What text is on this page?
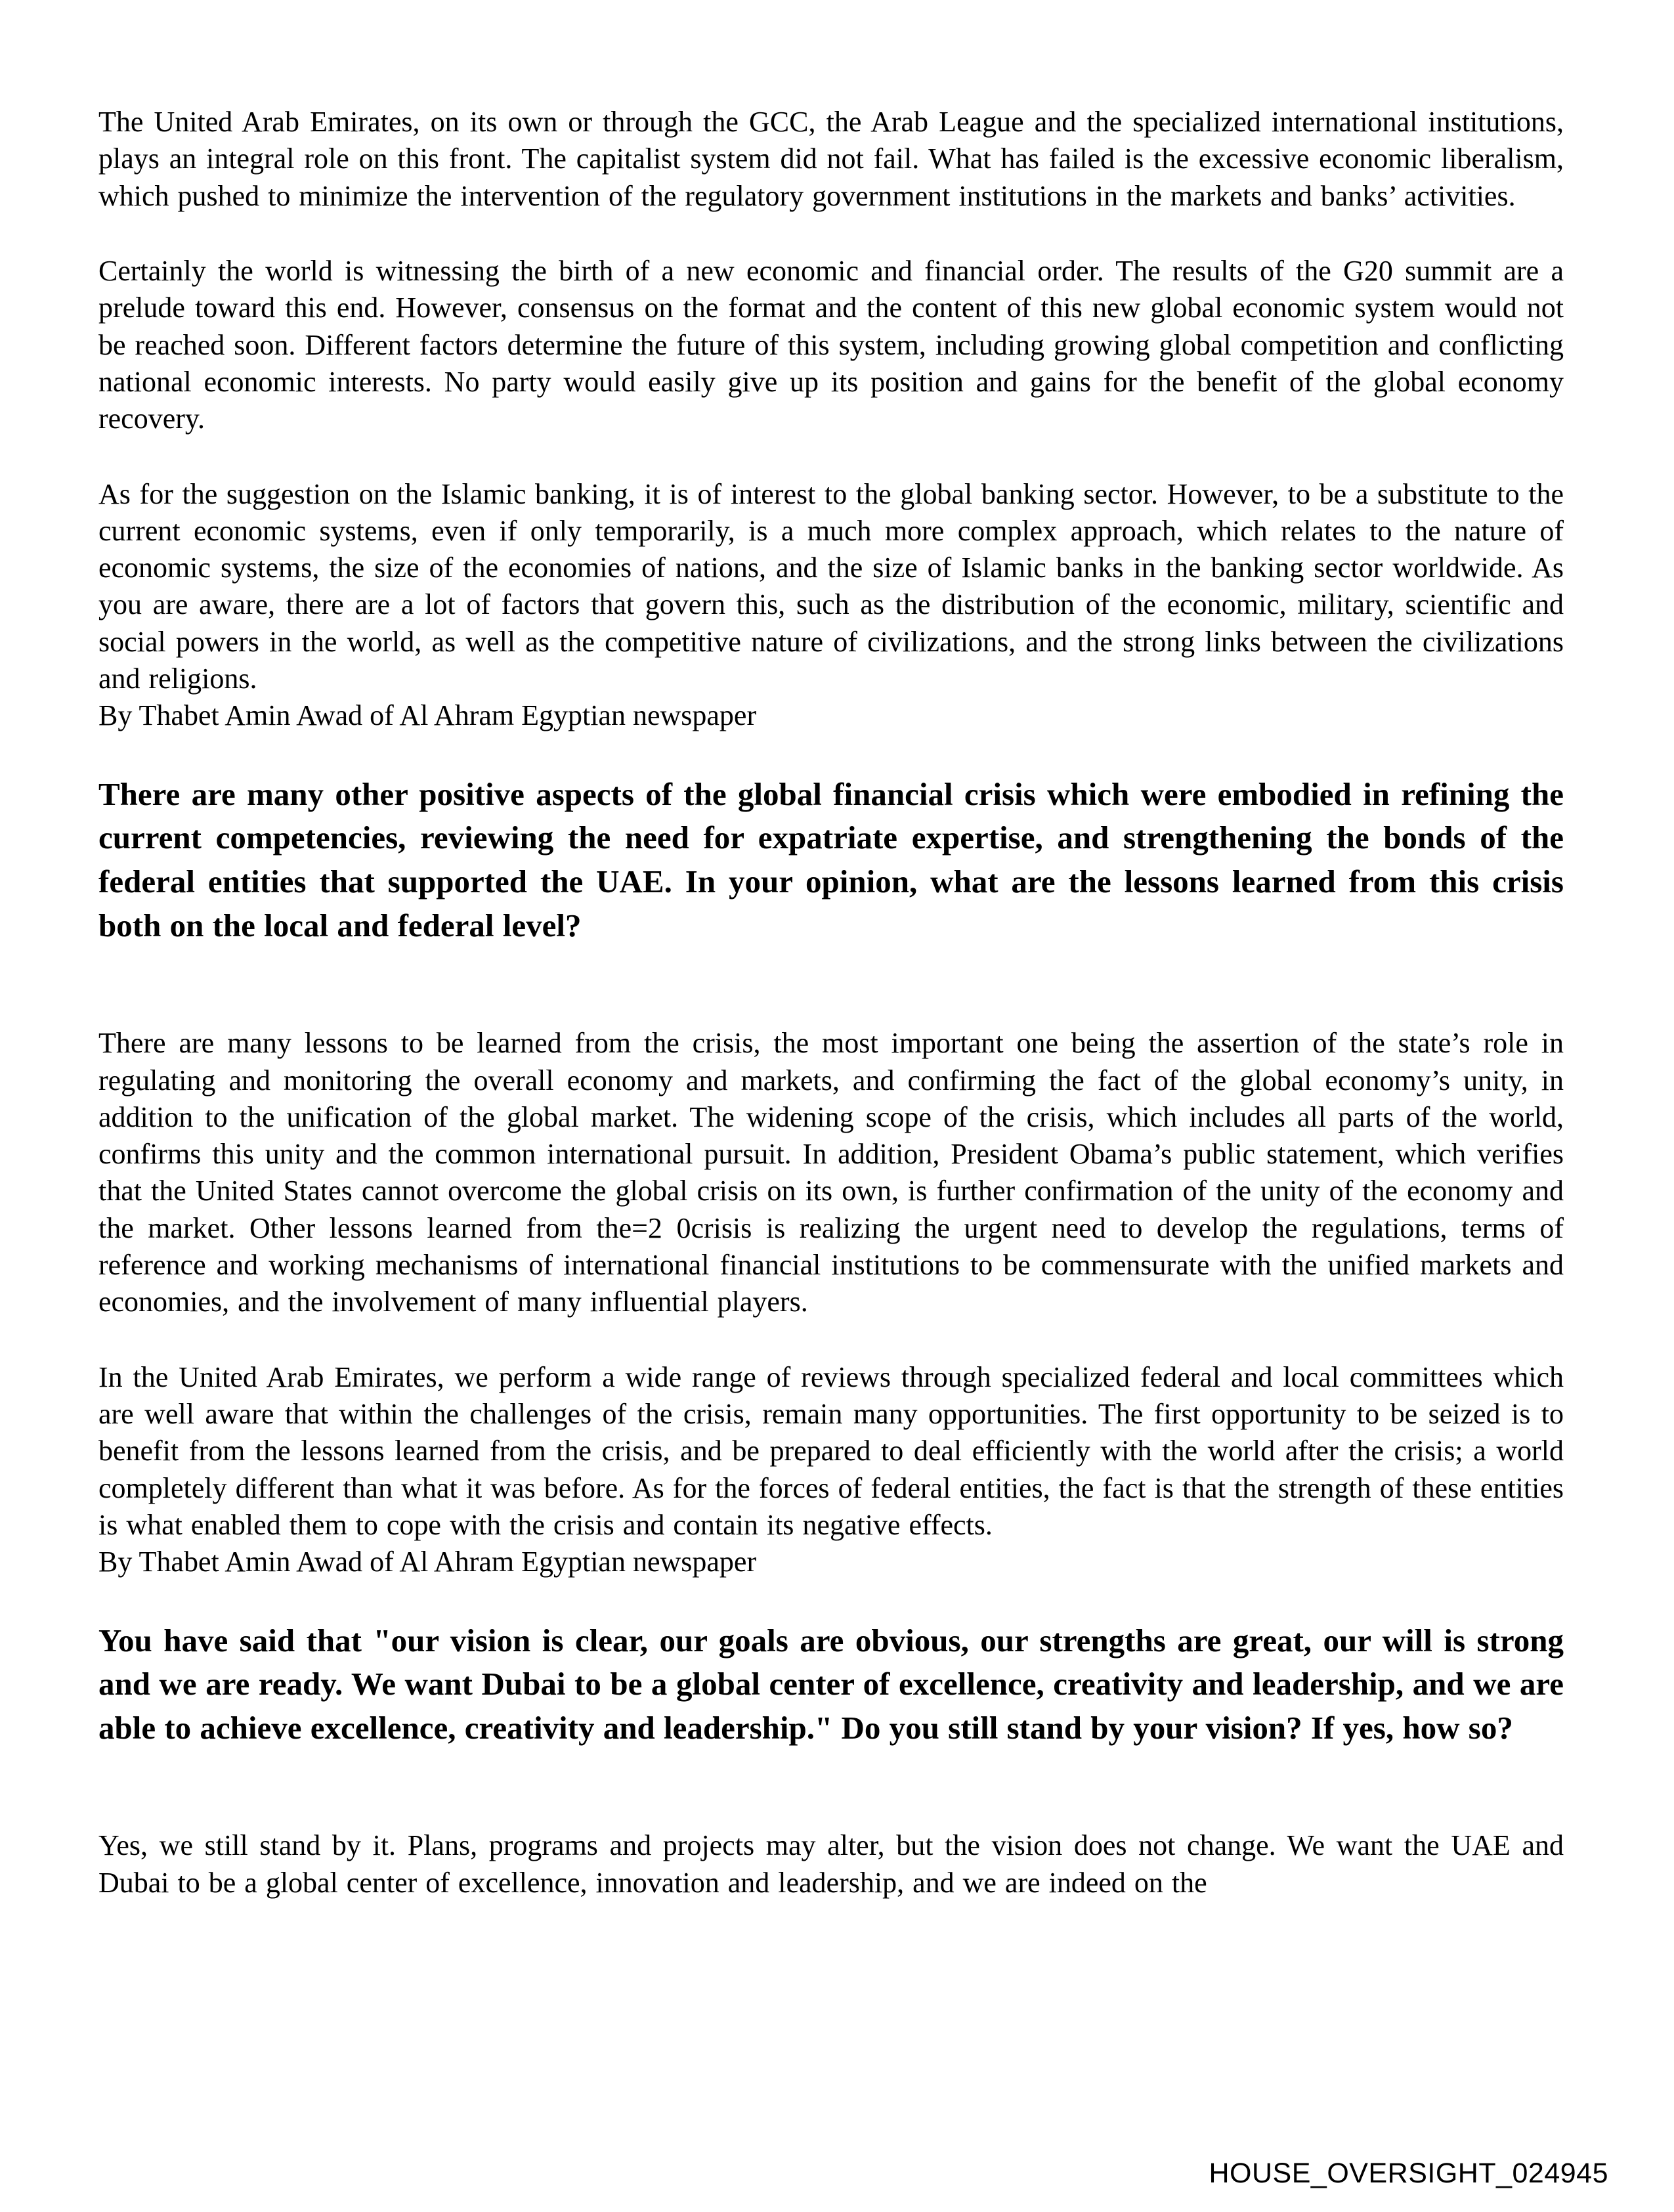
The United Arab Emirates, on its own or through the GCC, the Arab League and the specialized international institutions, plays an integral role on this front. The capitalist system did not fail. What has failed is the excessive economic liberalism, which pushed to minimize the intervention of the regulatory government institutions in the markets and banks’ activities.

Certainly the world is witnessing the birth of a new economic and financial order. The results of the G20 summit are a prelude toward this end. However, consensus on the format and the content of this new global economic system would not be reached soon. Different factors determine the future of this system, including growing global competition and conflicting national economic interests. No party would easily give up its position and gains for the benefit of the global economy recovery.

As for the suggestion on the Islamic banking, it is of interest to the global banking sector. However, to be a substitute to the current economic systems, even if only temporarily, is a much more complex approach, which relates to the nature of economic systems, the size of the economies of nations, and the size of Islamic banks in the banking sector worldwide. As you are aware, there are a lot of factors that govern this, such as the distribution of the economic, military, scientific and social powers in the world, as well as the competitive nature of civilizations, and the strong links between the civilizations and religions.

By Thabet Amin Awad of Al Ahram Egyptian newspaper

There are many other positive aspects of the global financial crisis which were embodied in refining the current competencies, reviewing the need for expatriate expertise, and strengthening the bonds of the federal entities that supported the UAE. In your opinion, what are the lessons learned from this crisis both on the local and federal level?

There are many lessons to be learned from the crisis, the most important one being the assertion of the state’s role in regulating and monitoring the overall economy and markets, and confirming the fact of the global economy’s unity, in addition to the unification of the global market. The widening scope of the crisis, which includes all parts of the world, confirms this unity and the common international pursuit. In addition, President Obama’s public statement, which verifies that the United States cannot overcome the global crisis on its own, is further confirmation of the unity of the economy and the market. Other lessons learned from the=2 0crisis is realizing the urgent need to develop the regulations, terms of reference and working mechanisms of international financial institutions to be commensurate with the unified markets and economies, and the involvement of many influential players.

In the United Arab Emirates, we perform a wide range of reviews through specialized federal and local committees which are well aware that within the challenges of the crisis, remain many opportunities. The first opportunity to be seized is to benefit from the lessons learned from the crisis, and be prepared to deal efficiently with the world after the crisis; a world completely different than what it was before. As for the forces of federal entities, the fact is that the strength of these entities is what enabled them to cope with the crisis and contain its negative effects.

By Thabet Amin Awad of Al Ahram Egyptian newspaper

You have said that "our vision is clear, our goals are obvious, our strengths are great, our will is strong and we are ready. We want Dubai to be a global center of excellence, creativity and leadership, and we are able to achieve excellence, creativity and leadership." Do you still stand by your vision? If yes, how so?

Yes, we still stand by it. Plans, programs and projects may alter, but the vision does not change. We want the UAE and Dubai to be a global center of excellence, innovation and leadership, and we are indeed on the

HOUSE_OVERSIGHT_024945
